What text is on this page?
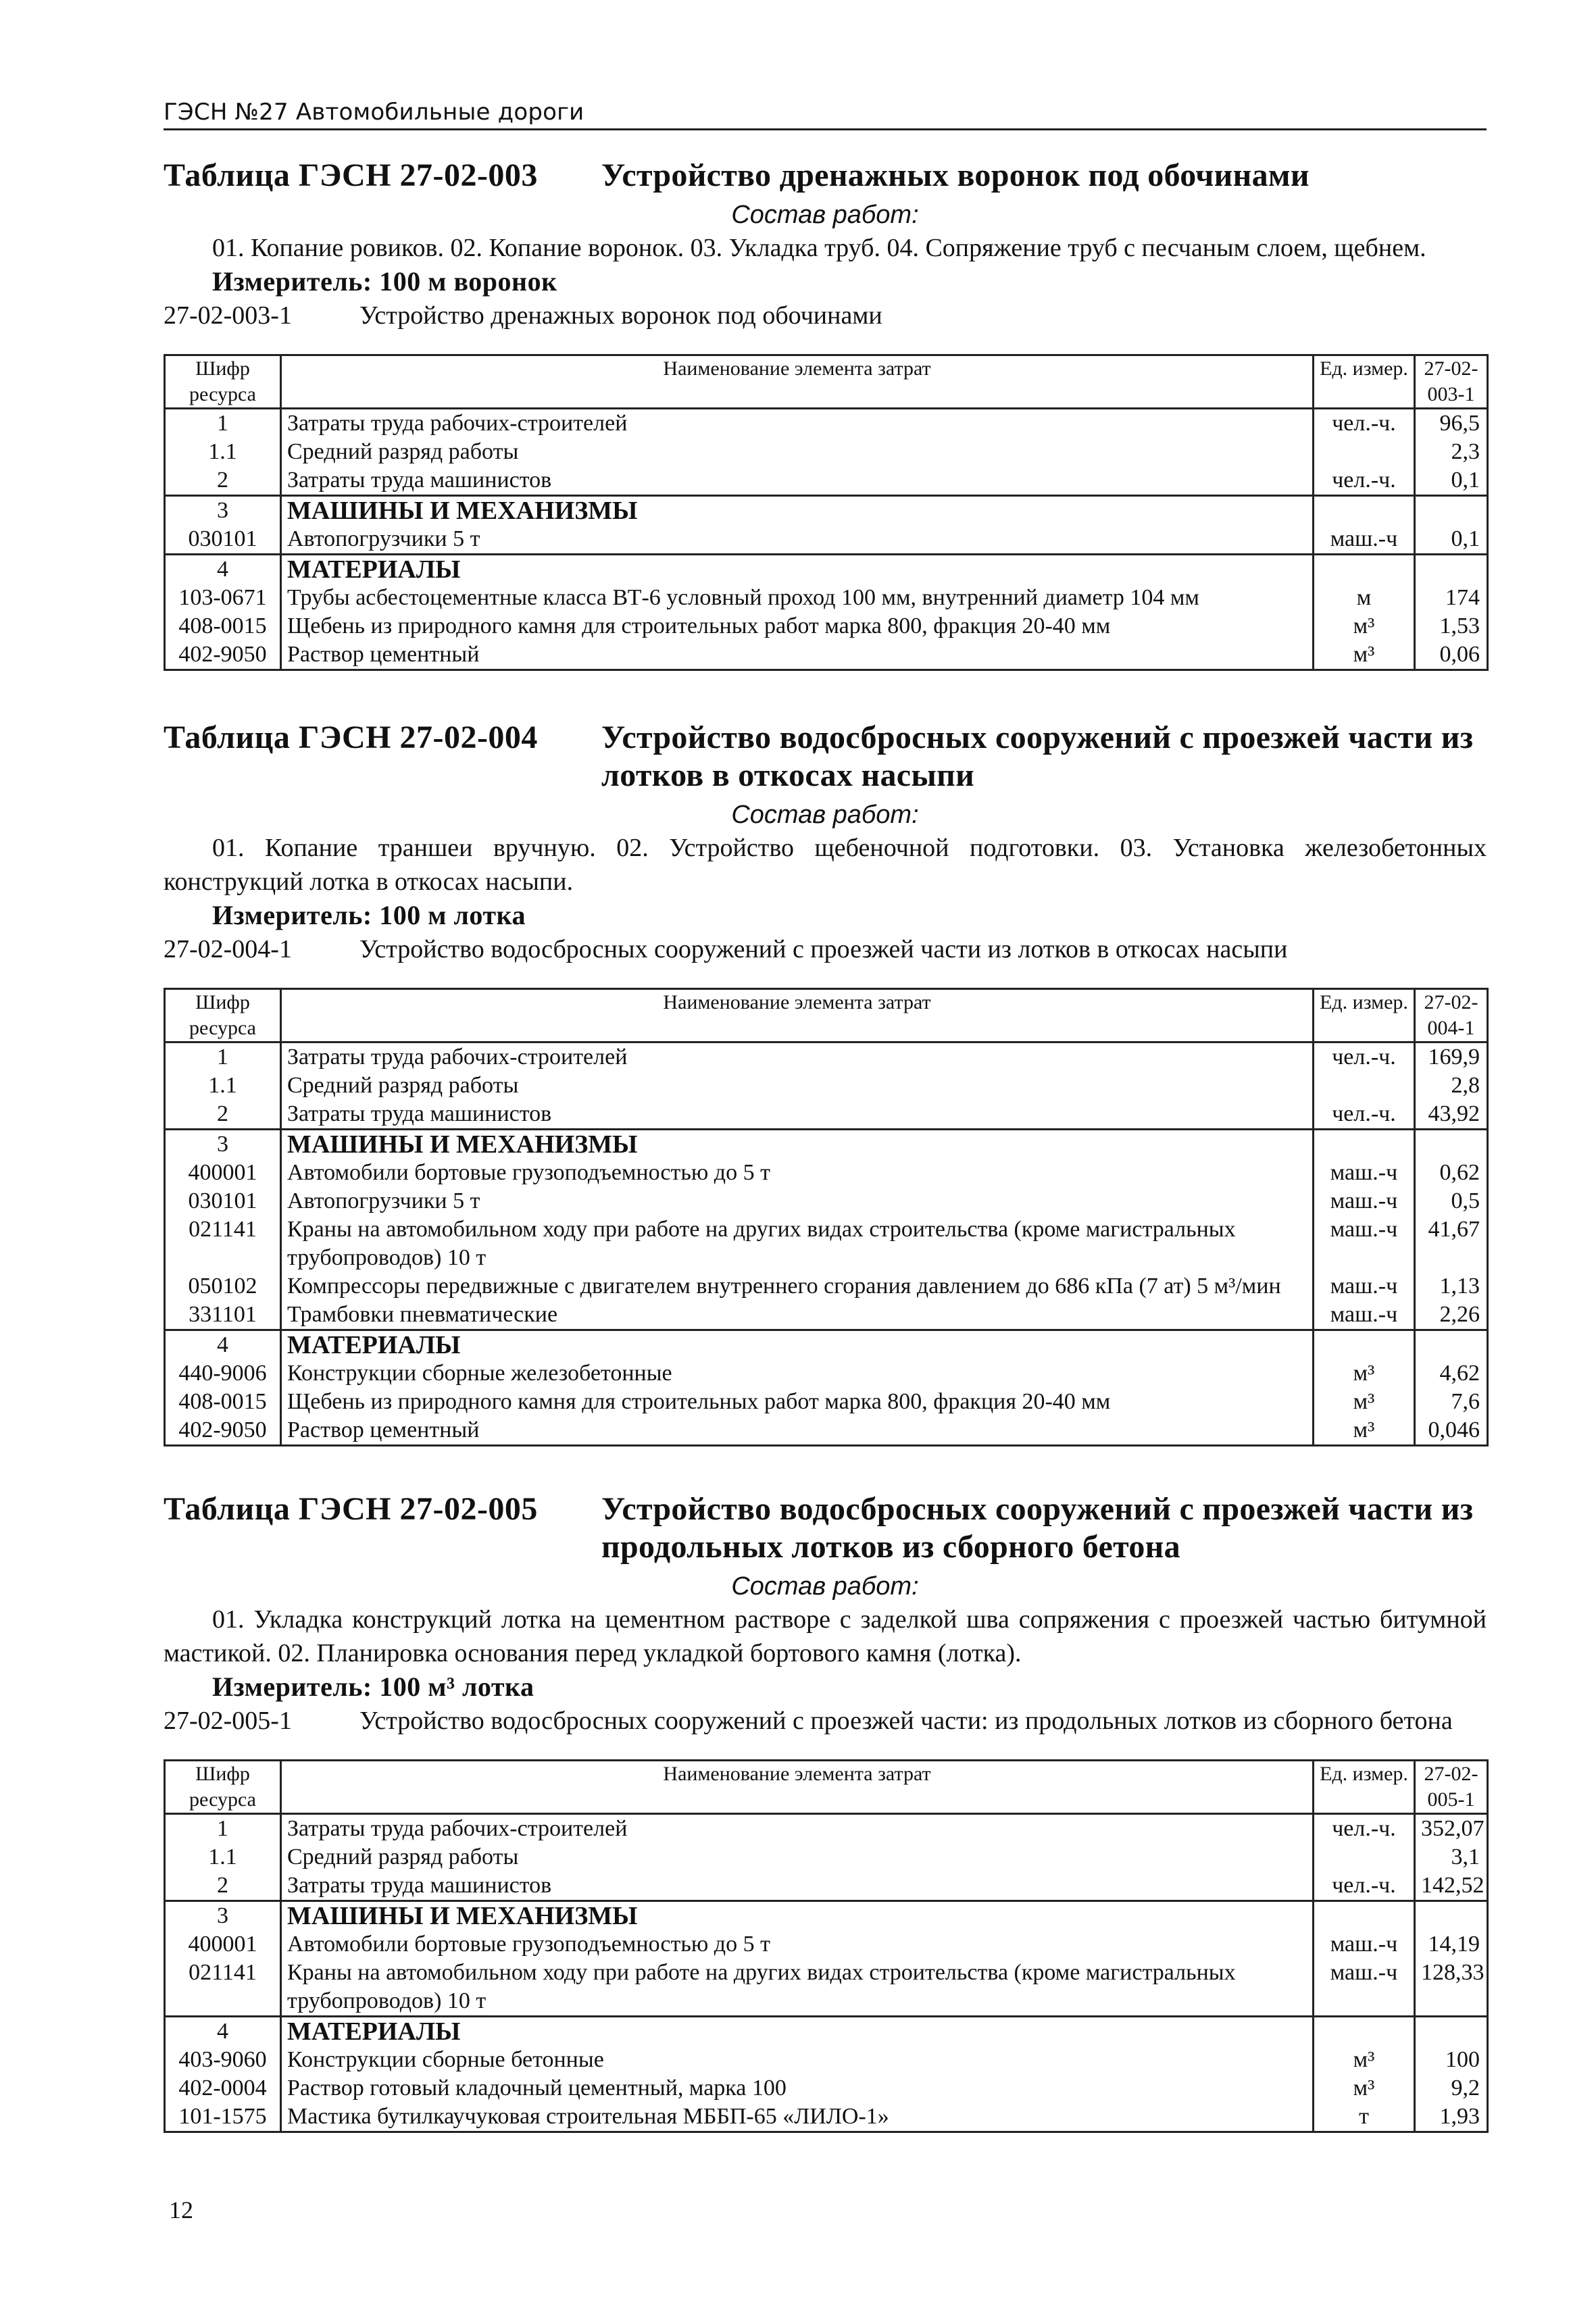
ГЭСН №27 Автомобильные дороги
Таблица ГЭСН 27-02-003	Устройство дренажных воронок под обочинами
Состав работ:
01. Копание ровиков. 02. Копание воронок. 03. Укладка труб. 04. Сопряжение труб с песчаным слоем, щебнем.
Измеритель: 100 м воронок
27-02-003-1	Устройство дренажных воронок под обочинами
Шифр ресурса	Наименование элемента затрат	Ед. измер.	27-02-003-1
1	Затраты труда рабочих-строителей	чел.-ч.	96,5
1.1	Средний разряд работы		2,3
2	Затраты труда машинистов	чел.-ч.	0,1
3	МАШИНЫ И МЕХАНИЗМЫ		
030101	Автопогрузчики 5 т	маш.-ч	0,1
4	МАТЕРИАЛЫ		
103-0671	Трубы асбестоцементные класса ВТ-6 условный проход 100 мм, внутренний диаметр 104 мм	м	174
408-0015	Щебень из природного камня для строительных работ марка 800, фракция 20-40 мм	м³	1,53
402-9050	Раствор цементный	м³	0,06
Таблица ГЭСН 27-02-004	Устройство водосбросных сооружений с проезжей части из лотков в откосах насыпи
Состав работ:
01. Копание траншеи вручную. 02. Устройство щебеночной подготовки. 03. Установка железобетонных конструкций лотка в откосах насыпи.
Измеритель: 100 м лотка
27-02-004-1	Устройство водосбросных сооружений с проезжей части из лотков в откосах насыпи
Шифр ресурса	Наименование элемента затрат	Ед. измер.	27-02-004-1
1	Затраты труда рабочих-строителей	чел.-ч.	169,9
1.1	Средний разряд работы		2,8
2	Затраты труда машинистов	чел.-ч.	43,92
3	МАШИНЫ И МЕХАНИЗМЫ		
400001	Автомобили бортовые грузоподъемностью до 5 т	маш.-ч	0,62
030101	Автопогрузчики 5 т	маш.-ч	0,5
021141	Краны на автомобильном ходу при работе на других видах строительства (кроме магистральных трубопроводов) 10 т	маш.-ч	41,67
050102	Компрессоры передвижные с двигателем внутреннего сгорания давлением до 686 кПа (7 ат) 5 м³/мин	маш.-ч	1,13
331101	Трамбовки пневматические	маш.-ч	2,26
4	МАТЕРИАЛЫ		
440-9006	Конструкции сборные железобетонные	м³	4,62
408-0015	Щебень из природного камня для строительных работ марка 800, фракция 20-40 мм	м³	7,6
402-9050	Раствор цементный	м³	0,046
Таблица ГЭСН 27-02-005	Устройство водосбросных сооружений с проезжей части из продольных лотков из сборного бетона
Состав работ:
01. Укладка конструкций лотка на цементном растворе с заделкой шва сопряжения с проезжей частью битумной мастикой. 02. Планировка основания перед укладкой бортового камня (лотка).
Измеритель: 100 м³ лотка
27-02-005-1	Устройство водосбросных сооружений с проезжей части: из продольных лотков из сборного бетона
Шифр ресурса	Наименование элемента затрат	Ед. измер.	27-02-005-1
1	Затраты труда рабочих-строителей	чел.-ч.	352,07
1.1	Средний разряд работы		3,1
2	Затраты труда машинистов	чел.-ч.	142,52
3	МАШИНЫ И МЕХАНИЗМЫ		
400001	Автомобили бортовые грузоподъемностью до 5 т	маш.-ч	14,19
021141	Краны на автомобильном ходу при работе на других видах строительства (кроме магистральных трубопроводов) 10 т	маш.-ч	128,33
4	МАТЕРИАЛЫ		
403-9060	Конструкции сборные бетонные	м³	100
402-0004	Раствор готовый кладочный цементный, марка 100	м³	9,2
101-1575	Мастика бутилкаучуковая строительная МББП-65 «ЛИЛО-1»	т	1,93
12
